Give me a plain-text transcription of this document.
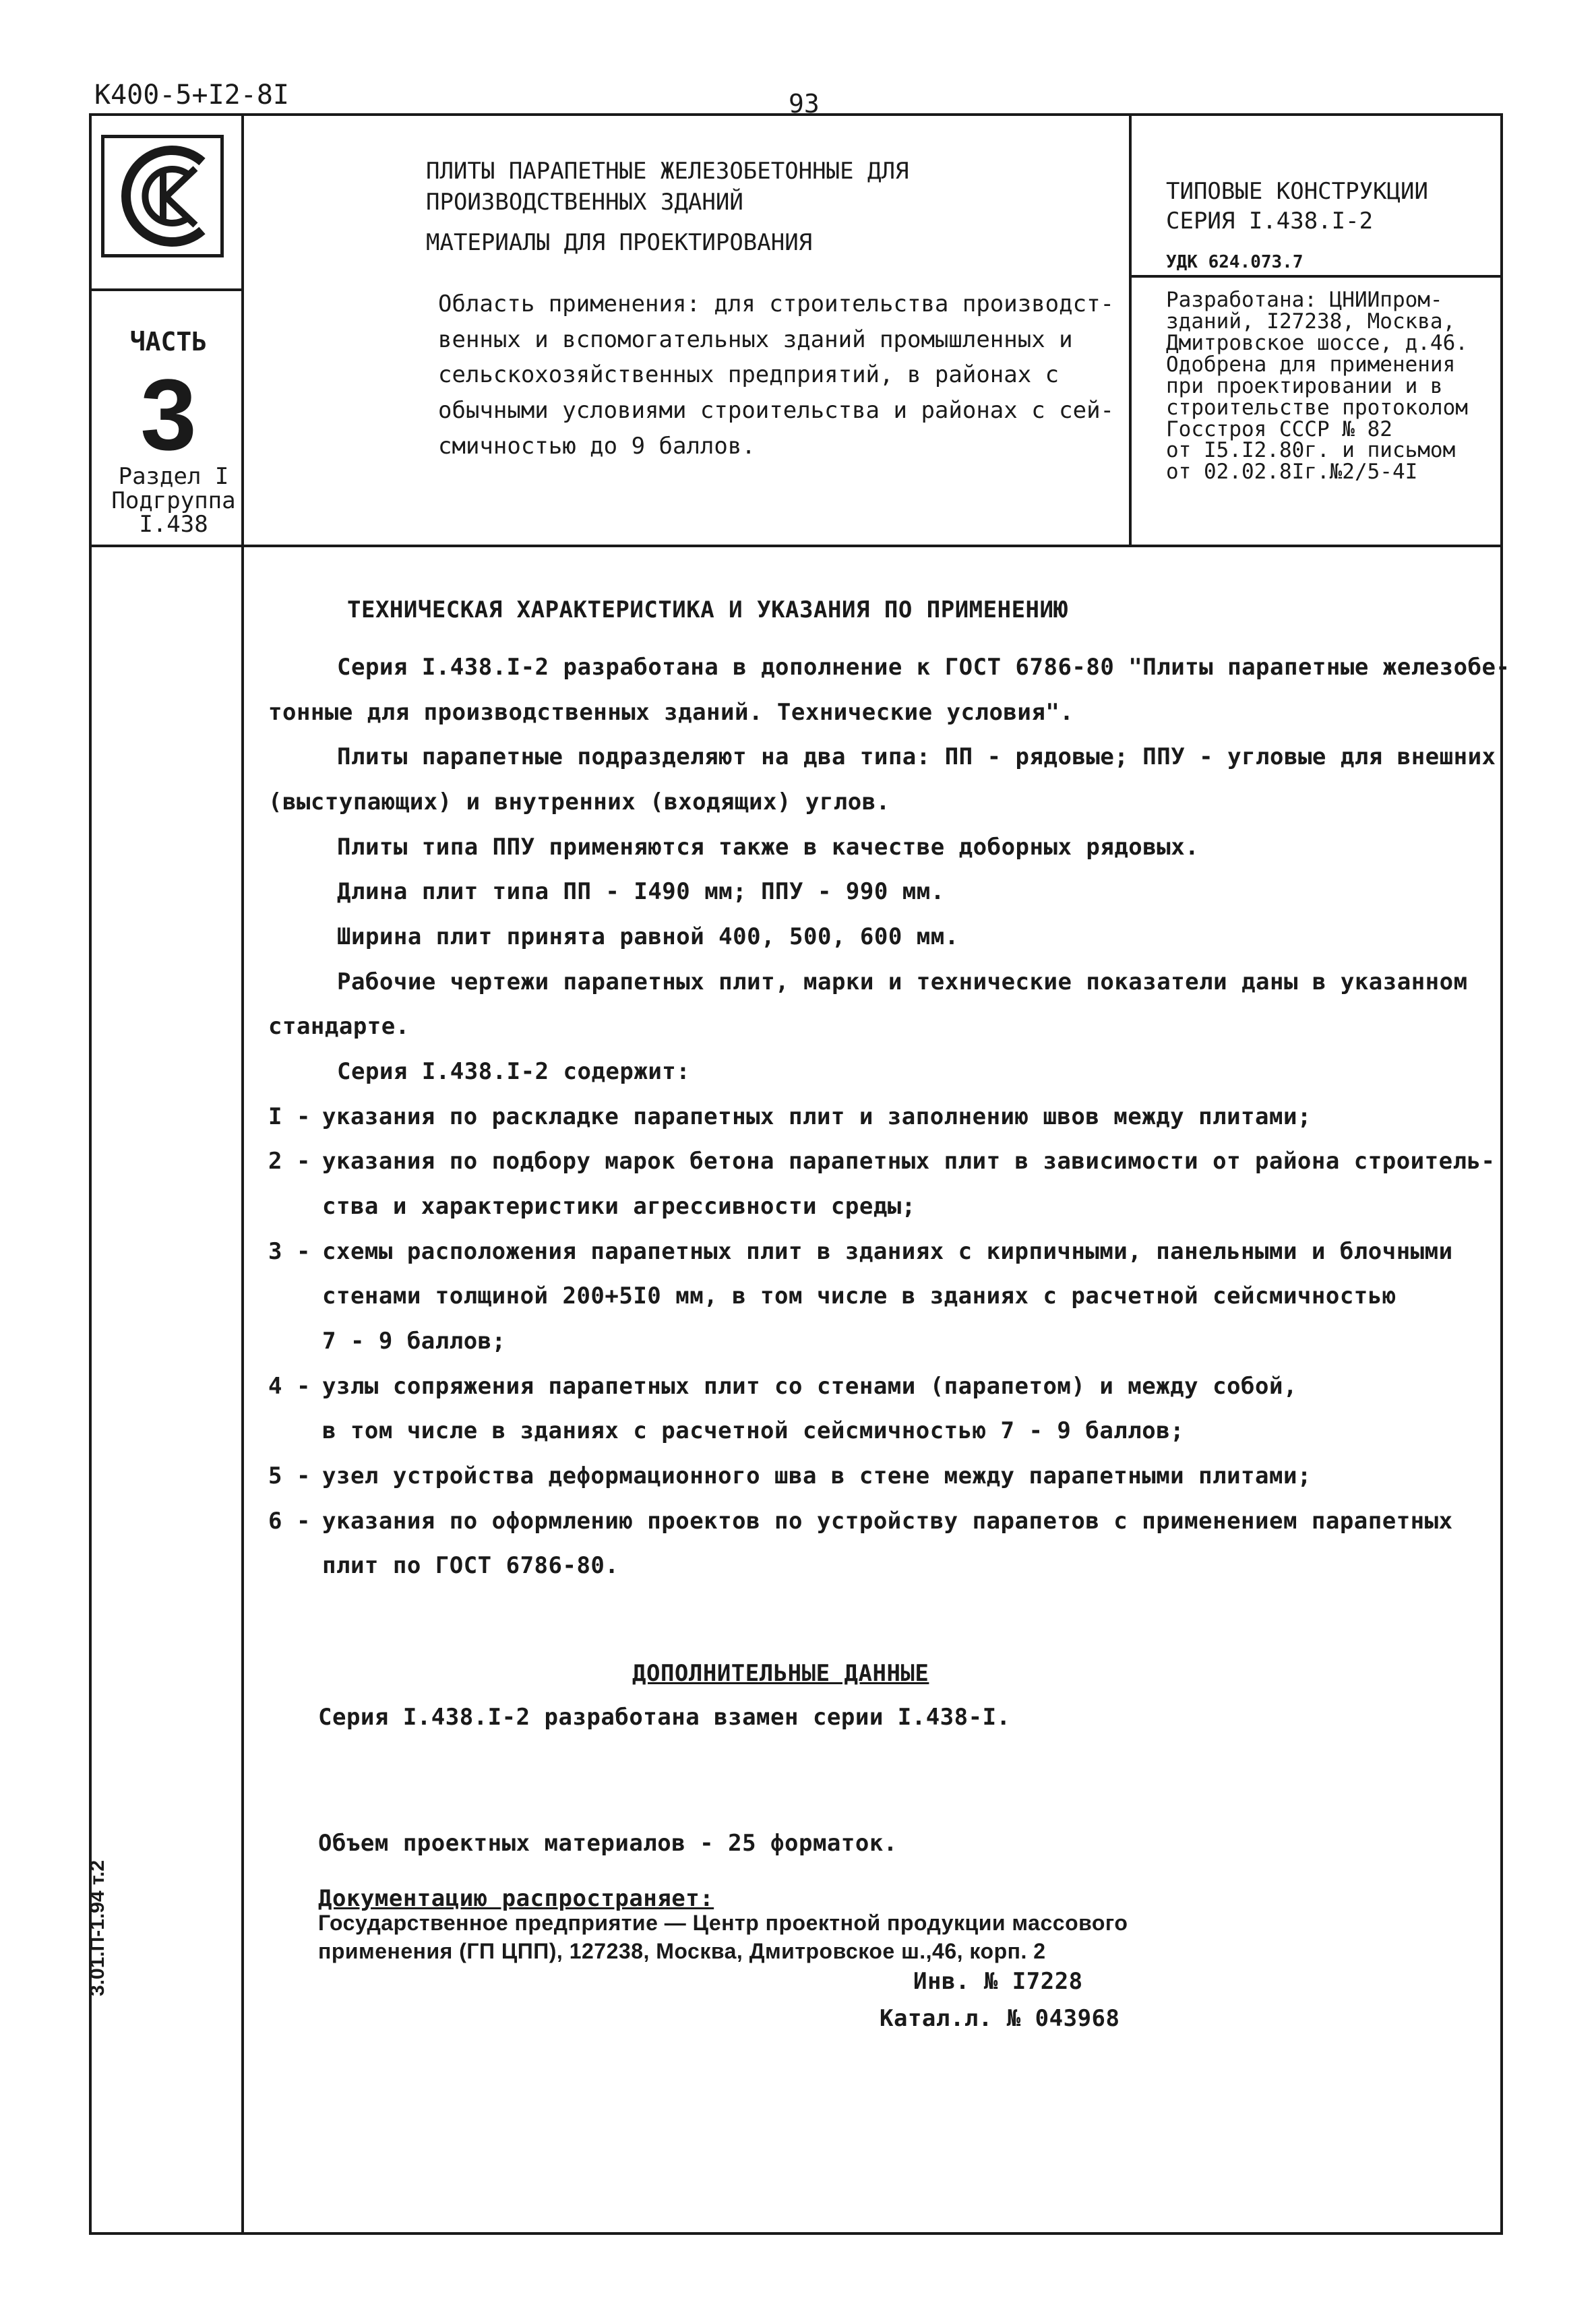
К400-5+I2-8I	93
ЧАСТЬ
3
Раздел I
Подгруппа
I.438
ПЛИТЫ ПАРАПЕТНЫЕ ЖЕЛЕЗОБЕТОННЫЕ ДЛЯ
ПРОИЗВОДСТВЕННЫХ ЗДАНИЙ
МАТЕРИАЛЫ ДЛЯ ПРОЕКТИРОВАНИЯ
Область применения: для строительства производст-
венных и вспомогательных зданий промышленных и
сельскохозяйственных предприятий, в районах с
обычными условиями строительства и районах с сей-
смичностью до 9 баллов.
ТИПОВЫЕ КОНСТРУКЦИИ
СЕРИЯ I.438.I-2
УДК 624.073.7
Разработана: ЦНИИпром-
зданий, I27238, Москва,
Дмитровское шоссе, д.46.
Одобрена для применения
при проектировании и в
строительстве протоколом
Госстроя СССР № 82
от I5.I2.80г. и письмом
от 02.02.8Iг.№2/5-4I
ТЕХНИЧЕСКАЯ ХАРАКТЕРИСТИКА И УКАЗАНИЯ ПО ПРИМЕНЕНИЮ
Серия I.438.I-2 разработана в дополнение к ГОСТ 6786-80 "Плиты парапетные железобе-
тонные для производственных зданий. Технические условия".
Плиты парапетные подразделяют на два типа: ПП - рядовые; ППУ - угловые для внешних
(выступающих) и внутренних (входящих) углов.
Плиты типа ППУ применяются также в качестве доборных рядовых.
Длина плит типа ПП - I490 мм; ППУ - 990 мм.
Ширина плит принята равной 400, 500, 600 мм.
Рабочие чертежи парапетных плит, марки и технические показатели даны в указанном
стандарте.
Серия I.438.I-2 содержит:
I - указания по раскладке парапетных плит и заполнению швов между плитами;
2 - указания по подбору марок бетона парапетных плит в зависимости от района строитель-
ства и характеристики агрессивности среды;
3 - схемы расположения парапетных плит в зданиях с кирпичными, панельными и блочными
стенами толщиной 200+5I0 мм, в том числе в зданиях с расчетной сейсмичностью
7 - 9 баллов;
4 - узлы сопряжения парапетных плит со стенами (парапетом) и между собой,
в том числе в зданиях с расчетной сейсмичностью 7 - 9 баллов;
5 - узел устройства деформационного шва в стене между парапетными плитами;
6 - указания по оформлению проектов по устройству парапетов с применением парапетных
плит по ГОСТ 6786-80.
ДОПОЛНИТЕЛЬНЫЕ ДАННЫЕ
Серия I.438.I-2 разработана взамен серии I.438-I.
Объем проектных материалов - 25 форматок.
Документацию распространяет:
Государственное предприятие — Центр проектной продукции массового
применения (ГП ЦПП), 127238, Москва, Дмитровское ш.,46, корп. 2
Инв. № I7228
Катал.л. № 043968
3.01.П-1.94 т.2
